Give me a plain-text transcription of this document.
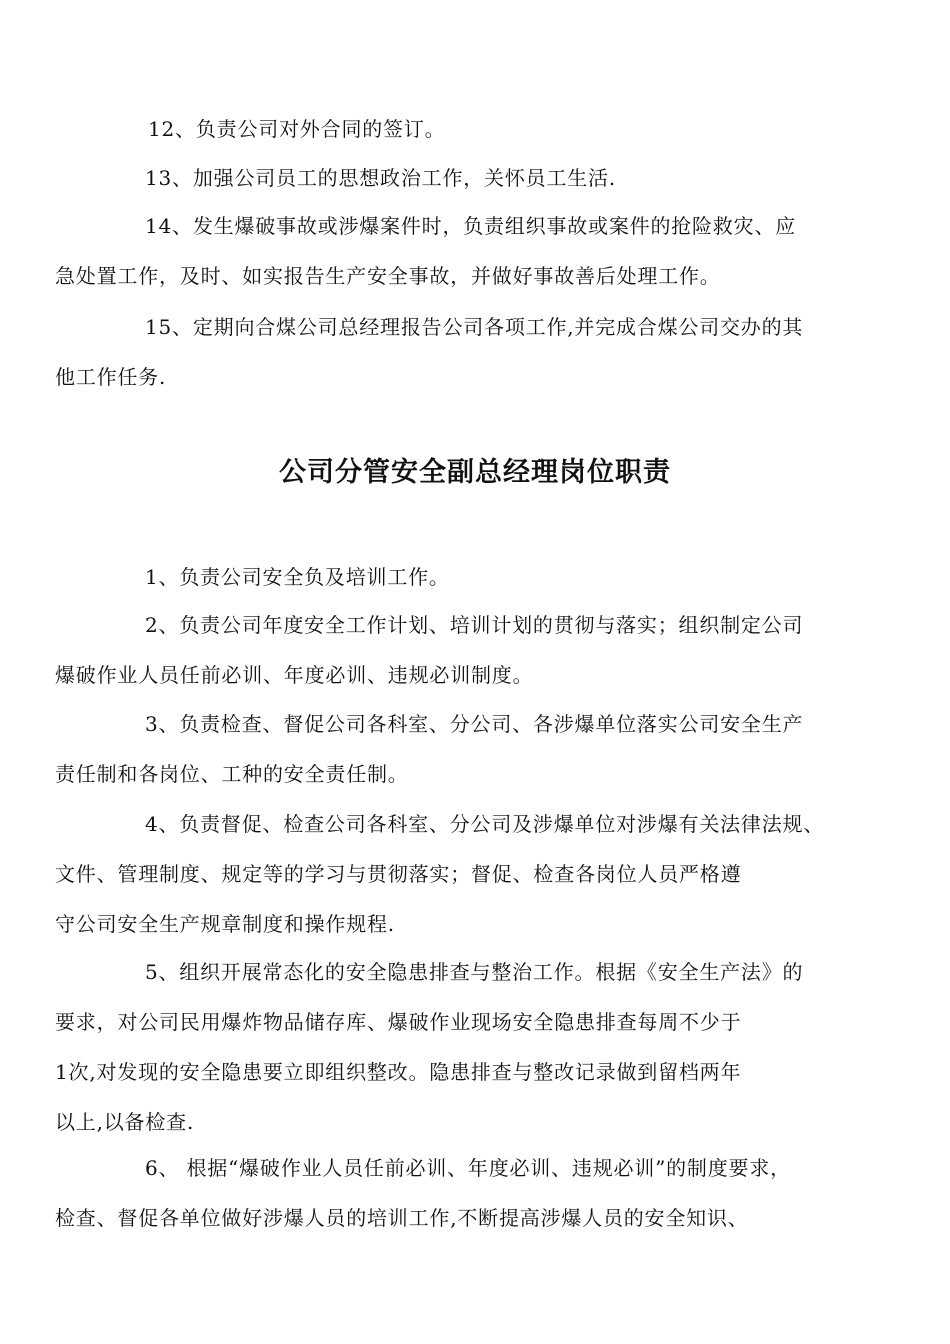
12、负责公司对外合同的签订。

13、加强公司员工的思想政治工作，关怀员工生活.

14、发生爆破事故或涉爆案件时，负责组织事故或案件的抢险救灾、应
急处置工作，及时、如实报告生产安全事故，并做好事故善后处理工作。

15、定期向合煤公司总经理报告公司各项工作,并完成合煤公司交办的其
他工作任务.

公司分管安全副总经理岗位职责

1、负责公司安全负及培训工作。

2、负责公司年度安全工作计划、培训计划的贯彻与落实；组织制定公司
爆破作业人员任前必训、年度必训、违规必训制度。

3、负责检查、督促公司各科室、分公司、各涉爆单位落实公司安全生产
责任制和各岗位、工种的安全责任制。

4、负责督促、检查公司各科室、分公司及涉爆单位对涉爆有关法律法规、
文件、管理制度、规定等的学习与贯彻落实；督促、检查各岗位人员严格遵
守公司安全生产规章制度和操作规程.

5、组织开展常态化的安全隐患排查与整治工作。根据《安全生产法》的
要求，对公司民用爆炸物品储存库、爆破作业现场安全隐患排查每周不少于
1次,对发现的安全隐患要立即组织整改。隐患排查与整改记录做到留档两年
以上,以备检查.

6、 根据“爆破作业人员任前必训、年度必训、违规必训”的制度要求，
检查、督促各单位做好涉爆人员的培训工作,不断提高涉爆人员的安全知识、
